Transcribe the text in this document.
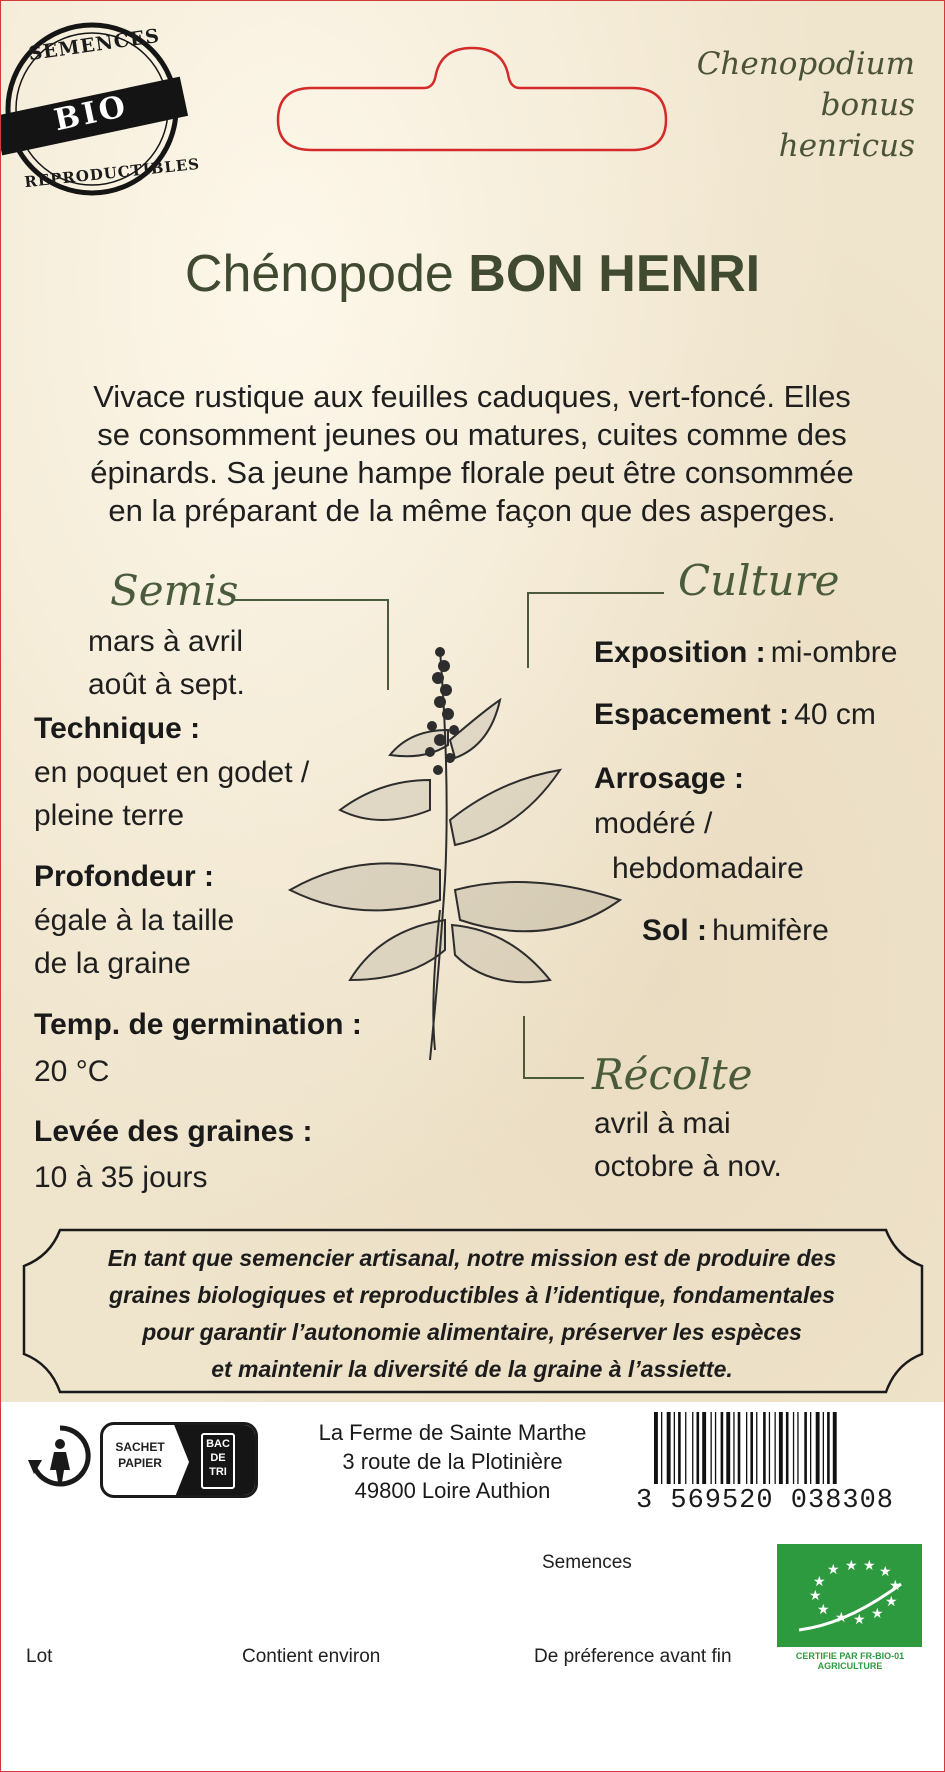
SEMENCES
BIO
REPRODUCTIBLES
Chenopodium
bonus
henricus
Chénopode BON HENRI
Vivace rustique aux feuilles caduques, vert-foncé. Elles
se consomment jeunes ou matures, cuites comme des
épinards. Sa jeune hampe florale peut être consommée
en la préparant de la même façon que des asperges.
Semis
mars à avril
août à sept.
Technique :
en poquet en godet /
pleine terre
Profondeur :
égale à la taille
de la graine
Temp. de germination :
20 °C
Levée des graines :
10 à 35 jours
Culture
Exposition : mi-ombre
Espacement : 40 cm
Arrosage :
modéré /
hebdomadaire
Sol : humifère
Récolte
avril à mai
octobre à nov.
En tant que semencier artisanal, notre mission est de produire des
graines biologiques et reproductibles à l’identique, fondamentales
pour garantir l’autonomie alimentaire, préserver les espèces
et maintenir la diversité de la graine à l’assiette.
SACHET
PAPIER
BAC
DE
TRI
La Ferme de Sainte Marthe
3 route de la Plotinière
49800 Loire Authion	3 569520 038308
Semences
Lot	Contient environ	De préference avant fin
★ ★ ★ ★
★
★
★
★
★
★
★
★
CERTIFIE PAR FR-BIO-01
AGRICULTURE
